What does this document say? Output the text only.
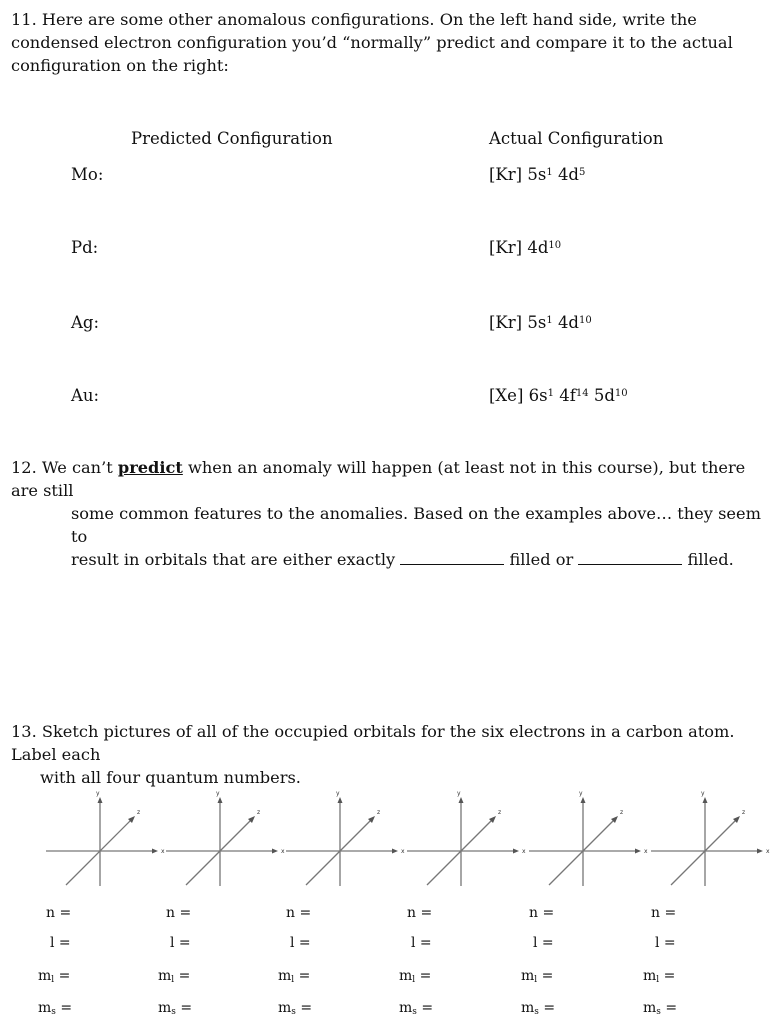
11. Here are some other anomalous configurations. On the left hand side, write the condensed electron configuration you’d “normally” predict and compare it to the actual configuration on the right:
Predicted Configuration	Actual Configuration
Mo:	[Kr] $5s^1$ $4d^5$
Pd:	[Kr] $4d^{10}$
Ag:	[Kr] $5s^1$ $4d^{10}$
Au:	[Xe] $6s^1$ $4f^{14}$ $5d^{10}$
12. We can’t predict when an anomaly will happen (at least not in this course), but there are still
some common features to the anomalies. Based on the examples above… they seem to
result in orbitals that are either exactly	filled or	filled.
13. Sketch pictures of all of the occupied orbitals for the six electrons in a carbon atom. Label each
with all four quantum numbers.
x
y
z
n =
l =
$m_l$ =
$m_s$ =
x
y
z
n =
l =
$m_l$ =
$m_s$ =
x
y
z
n =
l =
$m_l$ =
$m_s$ =
x
y
z
n =
l =
$m_l$ =
$m_s$ =
x
y
z
n =
l =
$m_l$ =
$m_s$ =
x
y
z
n =
l =
$m_l$ =
$m_s$ =
